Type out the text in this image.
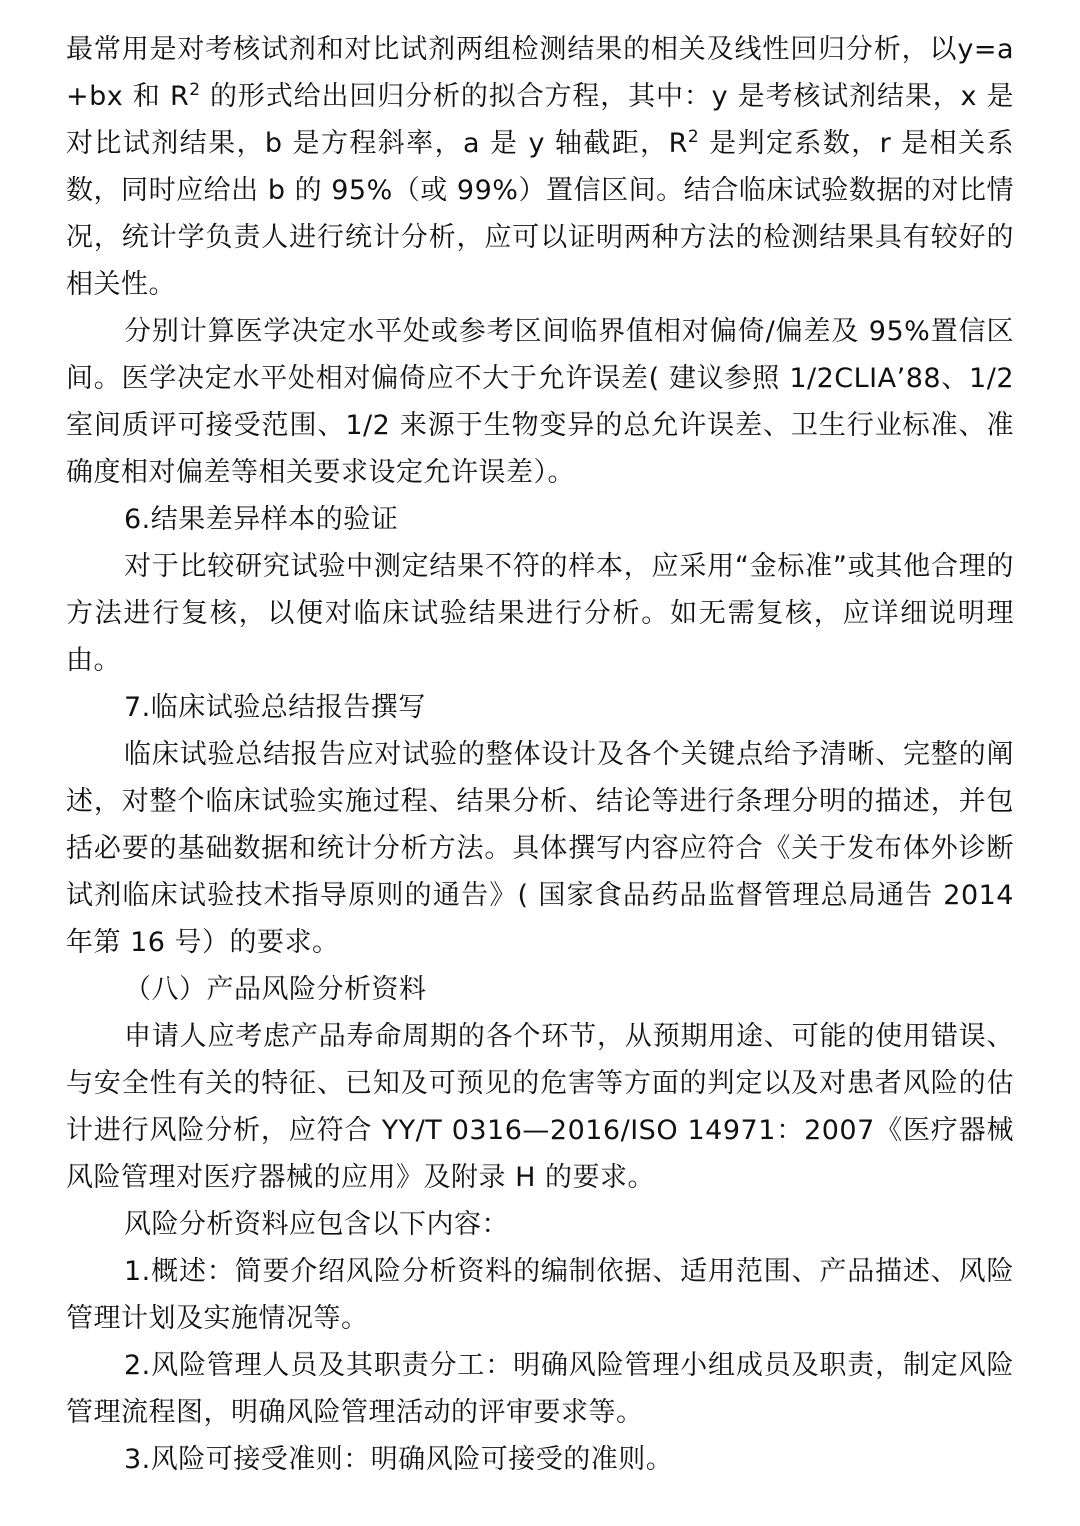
最常用是对考核试剂和对比试剂两组检测结果的相关及线性回归分析，以y=a+bx 和 $R^2$ 的形式给出回归分析的拟合方程，其中：y 是考核试剂结果，x 是对比试剂结果，b 是方程斜率，a 是 y 轴截距，$R^2$ 是判定系数，r 是相关系数，同时应给出 b 的 95%（或 99%）置信区间。结合临床试验数据的对比情况，统计学负责人进行统计分析，应可以证明两种方法的检测结果具有较好的相关性。

分别计算医学决定水平处或参考区间临界值相对偏倚/偏差及 95%置信区间。医学决定水平处相对偏倚应不大于允许误差( 建议参照 1/2CLIA’88、1/2 室间质评可接受范围、1/2 来源于生物变异的总允许误差、卫生行业标准、准确度相对偏差等相关要求设定允许误差）。

6.结果差异样本的验证

对于比较研究试验中测定结果不符的样本，应采用“金标准”或其他合理的方法进行复核，以便对临床试验结果进行分析。如无需复核，应详细说明理由。

7.临床试验总结报告撰写

临床试验总结报告应对试验的整体设计及各个关键点给予清晰、完整的阐述，对整个临床试验实施过程、结果分析、结论等进行条理分明的描述，并包括必要的基础数据和统计分析方法。具体撰写内容应符合《关于发布体外诊断试剂临床试验技术指导原则的通告》( 国家食品药品监督管理总局通告 2014 年第 16 号）的要求。

（八）产品风险分析资料

申请人应考虑产品寿命周期的各个环节，从预期用途、可能的使用错误、与安全性有关的特征、已知及可预见的危害等方面的判定以及对患者风险的估计进行风险分析，应符合 YY/T 0316—2016/ISO 14971：2007《医疗器械风险管理对医疗器械的应用》及附录 H 的要求。

风险分析资料应包含以下内容：

1.概述：简要介绍风险分析资料的编制依据、适用范围、产品描述、风险管理计划及实施情况等。

2.风险管理人员及其职责分工：明确风险管理小组成员及职责，制定风险管理流程图，明确风险管理活动的评审要求等。

3.风险可接受准则：明确风险可接受的准则。
